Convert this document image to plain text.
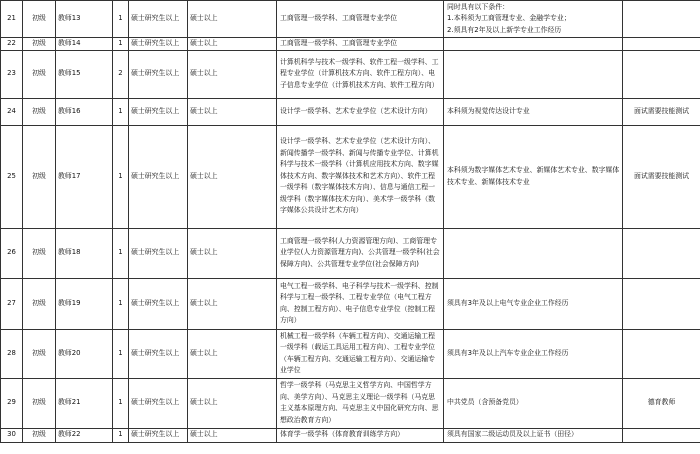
21	初级	教师13	1	硕士研究生以上	硕士以上	工商管理一级学科、工商管理专业学位	同时具有以下条件：
1.本科须为工商管理专业、金融学专业；
2.须具有2年及以上新学专业工作经历	

22	初级	教师14	1	硕士研究生以上	硕士以上	工商管理一级学科、工商管理专业学位		
23	初级	教师15	2	硕士研究生以上	硕士以上	计算机科学与技术一级学科、软件工程一级学科、工程专业学位（计算机技术方向、软件工程方向）、电子信息专业学位（计算机技术方向、软件工程方向）		
24	初级	教师16	1	硕士研究生以上	硕士以上	设计学一级学科、艺术专业学位（艺术设计方向）	本科须为视觉传达设计专业	面试需要技能测试
25	初级	教师17	1	硕士研究生以上	硕士以上	设计学一级学科、艺术专业学位（艺术设计方向）、新闻传播学一级学科、新闻与传播专业学位、计算机科学与技术一级学科（计算机应用技术方向、数字媒体技术方向、数字媒体技术和艺术方向）、软件工程一级学科（数字媒体技术方向）、信息与通信工程一级学科（数字媒体技术方向）、美术学一级学科（数字媒体公共设计艺术方向）	本科须为数字媒体艺术专业、新媒体艺术专业、数字媒体技术专业、新媒体技术专业	面试需要技能测试
26	初级	教师18	1	硕士研究生以上	硕士以上	工商管理一级学科(人力资源管理方向)、工商管理专业学位(人力资源管理方向)、公共管理一级学科(社会保障方向)、公共管理专业学位(社会保障方向)		
27	初级	教师19	1	硕士研究生以上	硕士以上	电气工程一级学科、电子科学与技术一级学科、控制科学与工程一级学科、工程专业学位（电气工程方向、控制工程方向）、电子信息专业学位（控制工程方向）	须具有3年及以上电气专业企业工作经历	

28	初级	教师20	1	硕士研究生以上	硕士以上	机械工程一级学科（车辆工程方向）、交通运输工程一级学科（载运工具运用工程方向）、工程专业学位（车辆工程方向、交通运输工程方向）、交通运输专业学位	须具有3年及以上汽车专业企业工作经历	

29	初级	教师21	1	硕士研究生以上	硕士以上	哲学一级学科（马克思主义哲学方向、中国哲学方向、美学方向）、马克思主义理论一级学科（马克思主义基本原理方向、马克思主义中国化研究方向、思想政治教育方向）	中共党员（含预备党员）	德育教师
30	初级	教师22	1	硕士研究生以上	硕士以上	体育学一级学科（体育教育训练学方向）	须具有国家二级运动员及以上证书（田径）	
